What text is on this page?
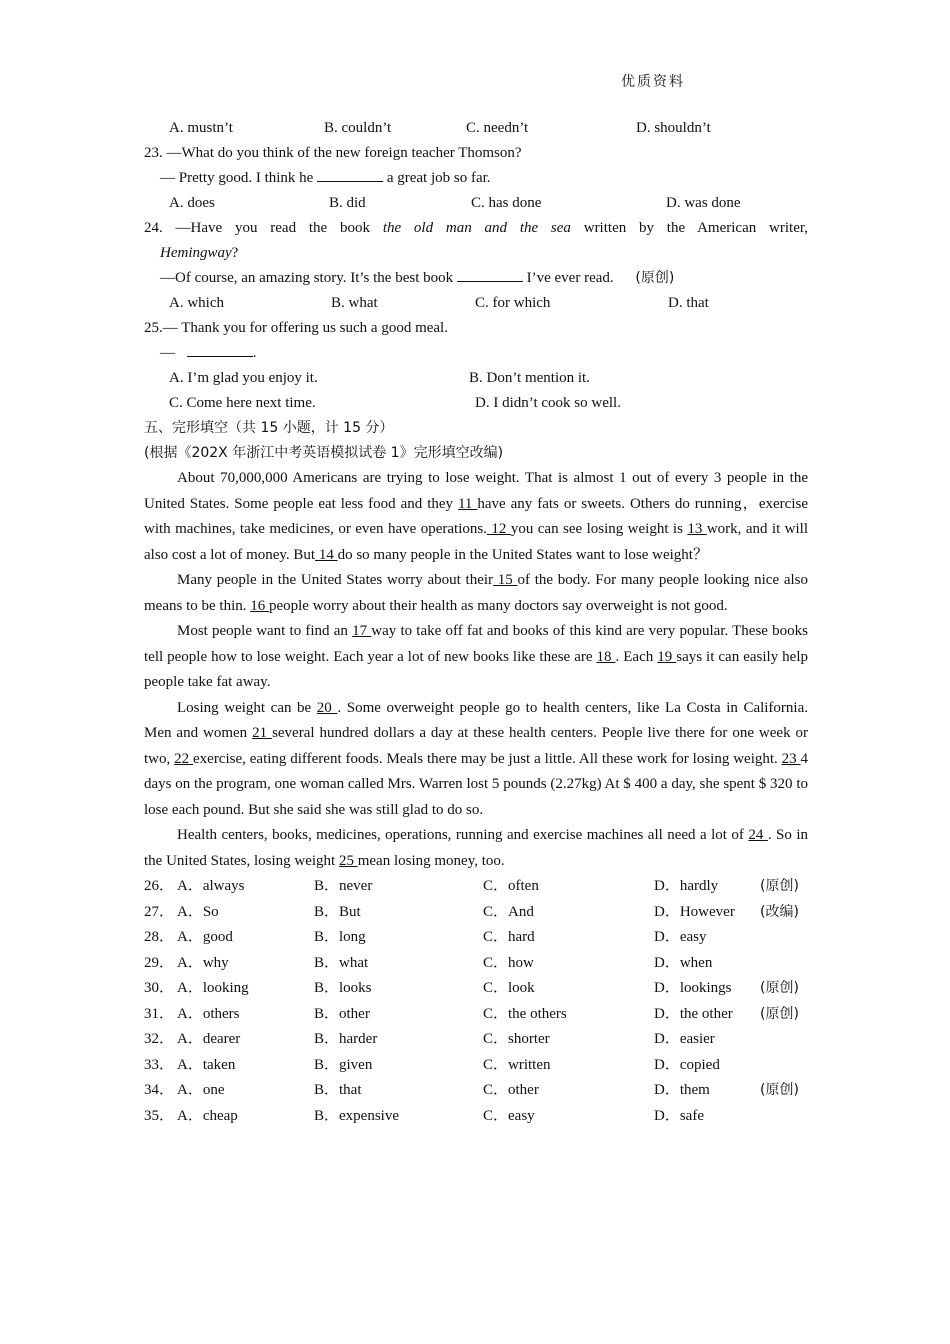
优质资料
A. mustn’t	B. couldn’t	C. needn’t	D. shouldn’t
23. —What do you think of the new foreign teacher Thomson?
— Pretty good. I think he	a great job so far.
A. does	B. did	C. has done	D. was done
24. —Have you read the book the old man and the sea written by the American writer,
Hemingway?
—Of course, an amazing story. It’s the best book	I’ve ever read. (原创)
A. which	B. what	C. for which	D. that
25.— Thank you for offering us such a good meal.
—	.
A. I’m glad you enjoy it.	B. Don’t mention it.
C. Come here next time.	D. I didn’t cook so well.
五、完形填空（共 15 小题，计 15 分）
(根据《202X 年浙江中考英语模拟试卷 1》完形填空改编)

About 70,000,000 Americans are trying to lose weight. That is almost 1 out of every 3 people in the United States. Some people eat less food and they 11 have any fats or sweets. Others do running，exercise with machines, take medicines, or even have operations. 12 you can see losing weight is 13 work, and it will also cost a lot of money. But 14 do so many people in the United States want to lose weight？

Many people in the United States worry about their 15 of the body. For many people looking nice also means to be thin. 16 people worry about their health as many doctors say overweight is not good.

Most people want to find an 17 way to take off fat and books of this kind are very popular. These books tell people how to lose weight. Each year a lot of new books like these are 18 . Each 19 says it can easily help people take fat away.

Losing weight can be 20 . Some overweight people go to health centers, like La Costa in California. Men and women 21 several hundred dollars a day at these health centers. People live there for one week or two, 22 exercise, eating different foods. Meals there may be just a little. All these work for losing weight. 23 4 days on the program, one woman called Mrs. Warren lost 5 pounds (2.27kg) At $ 400 a day, she spent $ 320 to lose each pound. But she said she was still glad to do so.

Health centers, books, medicines, operations, running and exercise machines all need a lot of 24 . So in the United States, losing weight 25 mean losing money, too.

26． A．always	B．never	C．often	D．hardly	(原创)
27． A．So	B．But	C．And	D．However (改编)
28． A．good	B．long	C．hard	D．easy
29． A．why	B．what	C．how	D．when
30． A．looking	B．looks	C．look	D．lookings (原创)
31． A．others	B．other	C．the others	D．the other (原创)
32． A．dearer	B．harder	C．shorter	D．easier
33． A．taken	B．given	C．written	D．copied
34． A．one	B．that	C．other	D．them	(原创)
35． A．cheap	B．expensive	C．easy	D．safe
